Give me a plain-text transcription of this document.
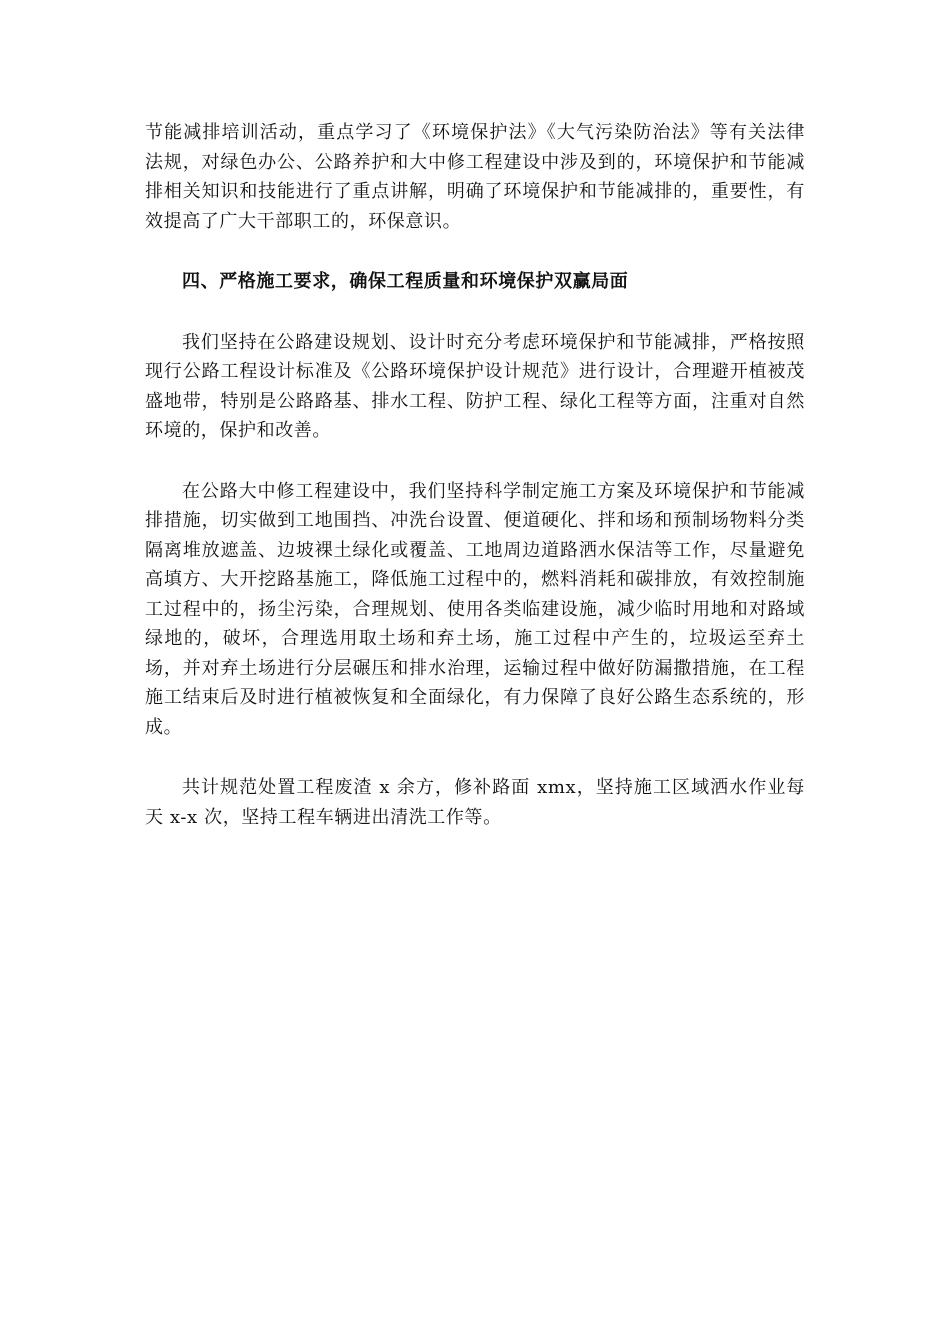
节能减排培训活动，重点学习了《环境保护法》《大气污染防治法》等有关法律法规，对绿色办公、公路养护和大中修工程建设中涉及到的，环境保护和节能减排相关知识和技能进行了重点讲解，明确了环境保护和节能减排的，重要性，有效提高了广大干部职工的，环保意识。

四、严格施工要求，确保工程质量和环境保护双赢局面

我们坚持在公路建设规划、设计时充分考虑环境保护和节能减排，严格按照现行公路工程设计标准及《公路环境保护设计规范》进行设计，合理避开植被茂盛地带，特别是公路路基、排水工程、防护工程、绿化工程等方面，注重对自然环境的，保护和改善。

在公路大中修工程建设中，我们坚持科学制定施工方案及环境保护和节能减排措施，切实做到工地围挡、冲洗台设置、便道硬化、拌和场和预制场物料分类隔离堆放遮盖、边坡裸土绿化或覆盖、工地周边道路洒水保洁等工作，尽量避免高填方、大开挖路基施工，降低施工过程中的，燃料消耗和碳排放，有效控制施工过程中的，扬尘污染，合理规划、使用各类临建设施，减少临时用地和对路域绿地的，破坏，合理选用取土场和弃土场，施工过程中产生的，垃圾运至弃土场，并对弃土场进行分层碾压和排水治理，运输过程中做好防漏撒措施，在工程施工结束后及时进行植被恢复和全面绿化，有力保障了良好公路生态系统的，形成。

共计规范处置工程废渣 x 余方，修补路面 xmx，坚持施工区域洒水作业每天 x-x 次，坚持工程车辆进出清洗工作等。
